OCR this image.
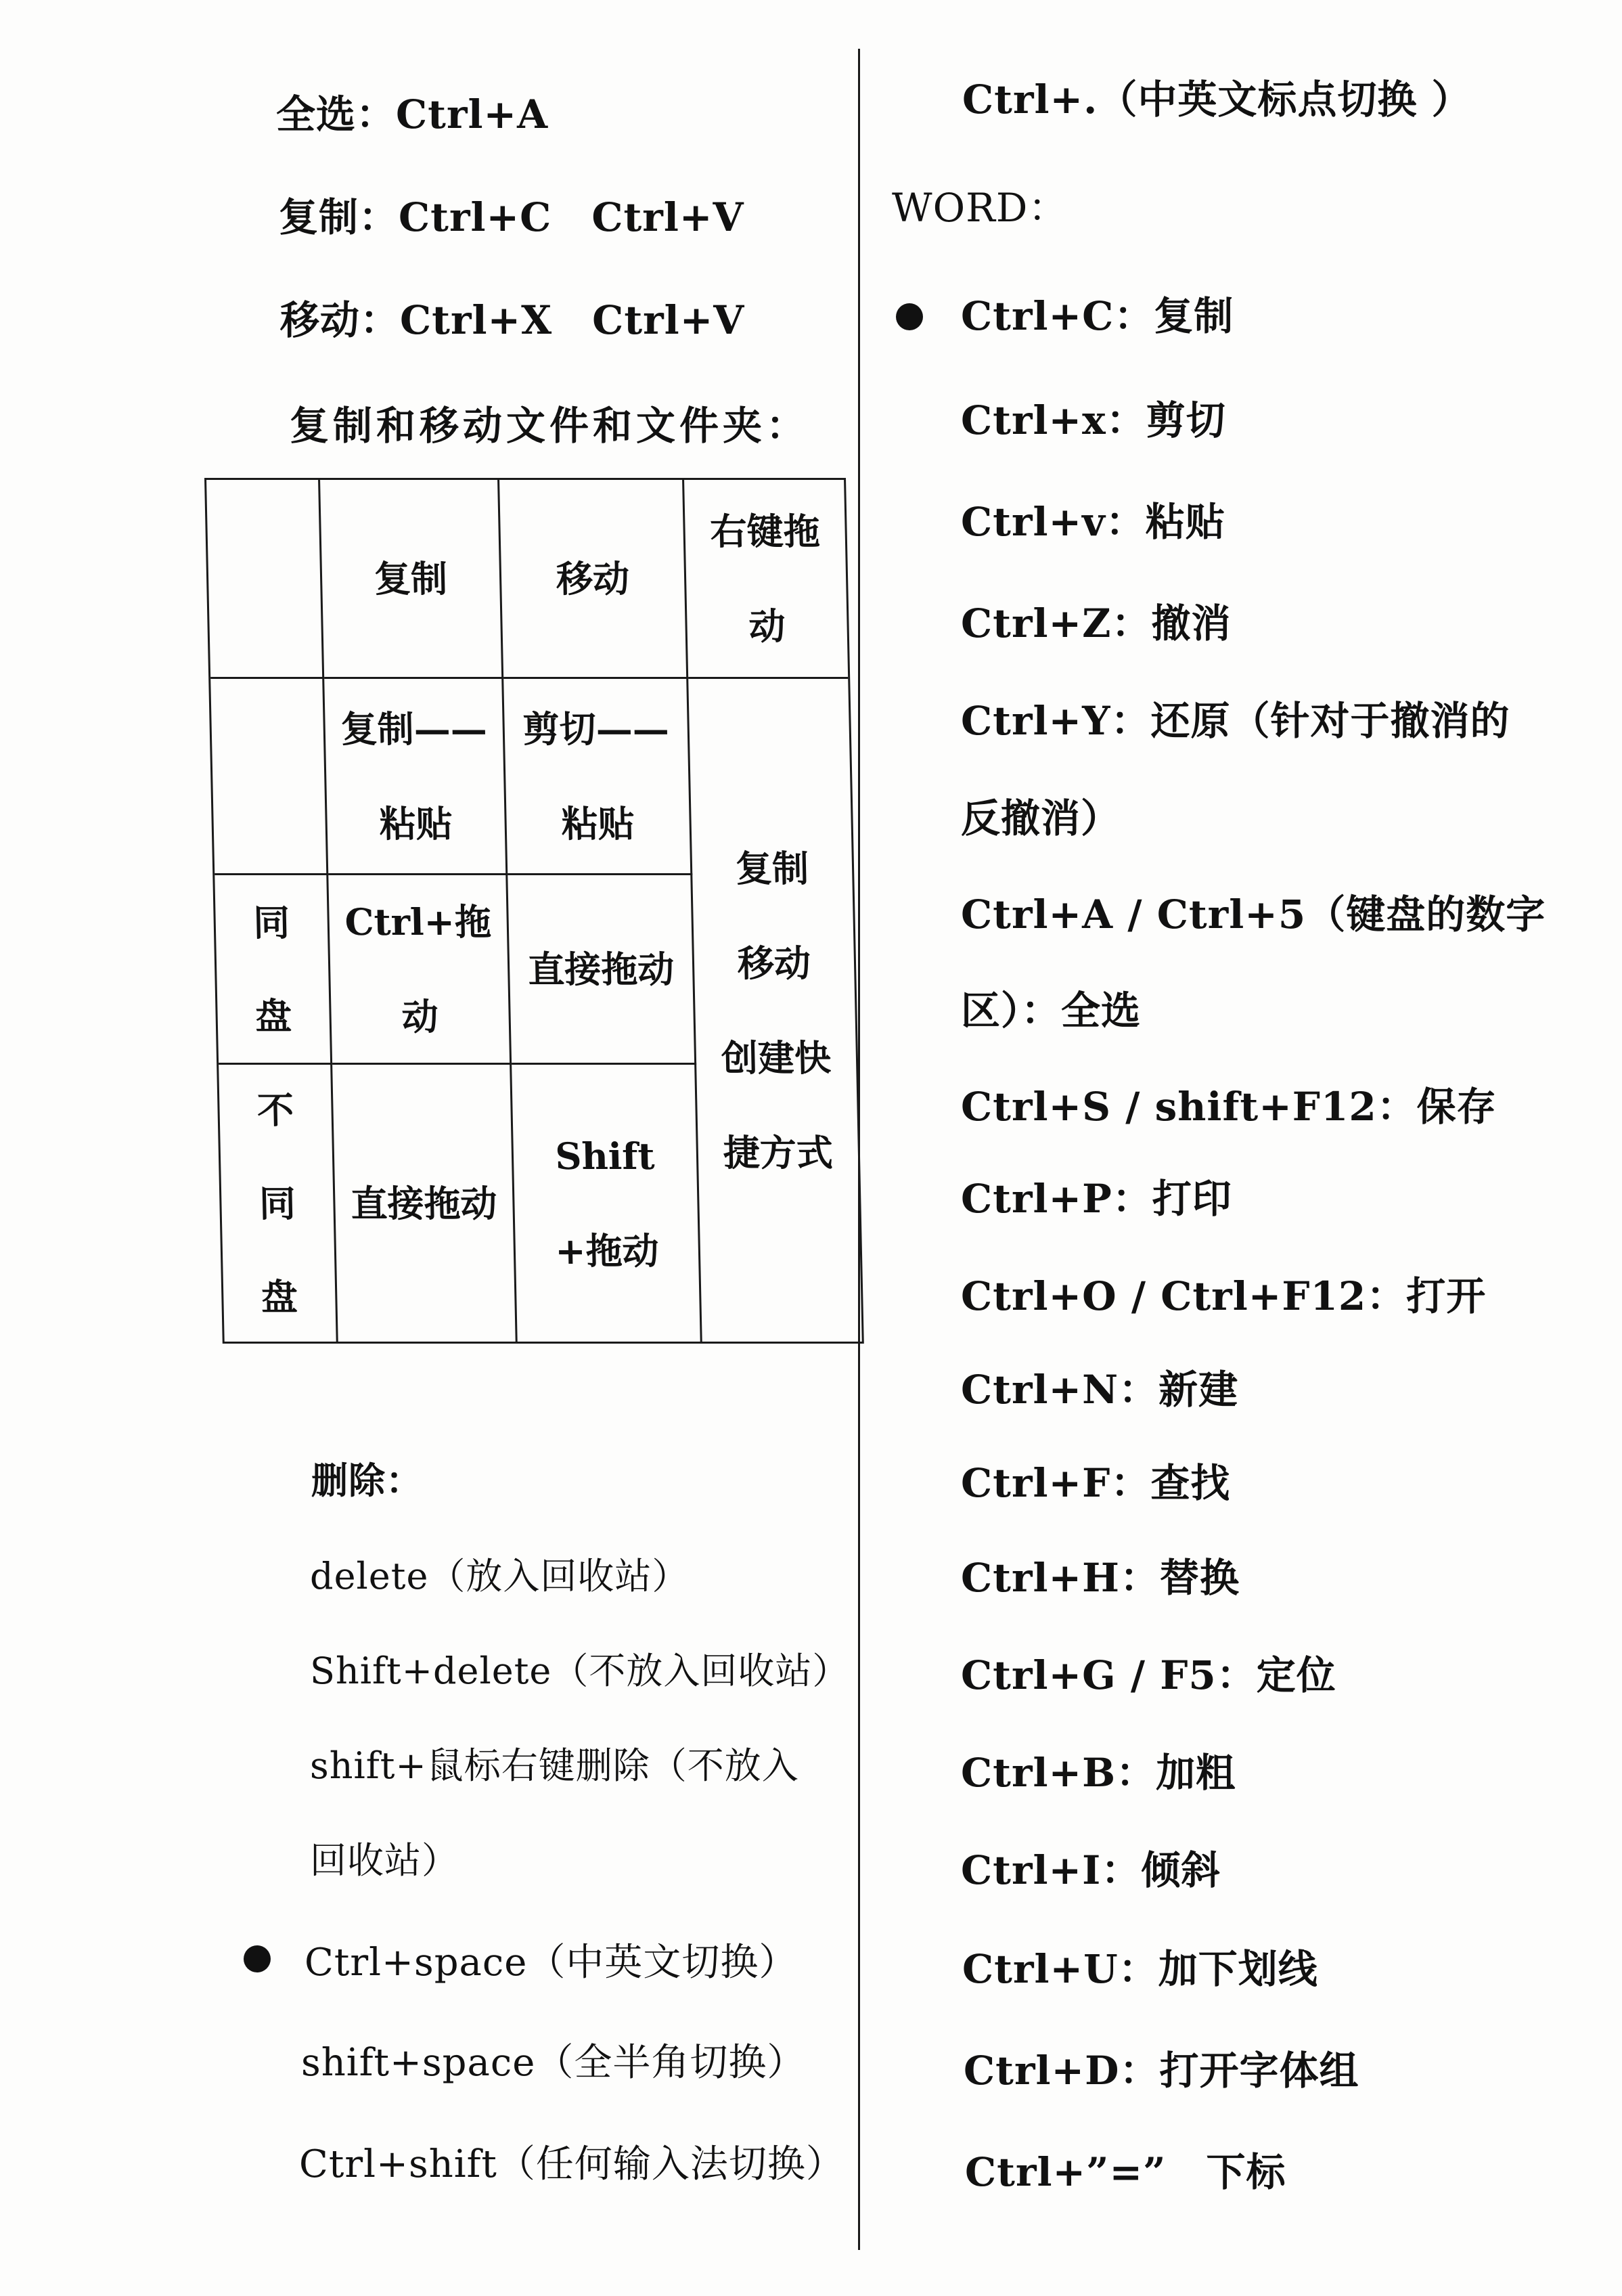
全选：Ctrl+A
复制：Ctrl+C　Ctrl+V
移动：Ctrl+X　Ctrl+V
复制和移动文件和文件夹：
复制	移动
右键拖动
复制——粘贴
剪切——粘贴
复制
移动
创建快
捷方式
同盘
Ctrl+拖动
直接拖动
不同盘
直接拖动
Shift+拖动
删除：
delete（放入回收站）
Shift+delete（不放入回收站）
shift+鼠标右键删除（不放入
回收站）
Ctrl+space（中英文切换）
shift+space（全半角切换）
Ctrl+shift（任何输入法切换）
Ctrl+.（中英文标点切换 ）
WORD：
Ctrl+C：复制
Ctrl+x：剪切
Ctrl+v：粘贴
Ctrl+Z：撤消
Ctrl+Y：还原（针对于撤消的
反撤消）
Ctrl+A / Ctrl+5（键盘的数字
区）：全选
Ctrl+S / shift+F12：保存
Ctrl+P：打印
Ctrl+O / Ctrl+F12：打开
Ctrl+N：新建
Ctrl+F：查找
Ctrl+H：替换
Ctrl+G / F5：定位
Ctrl+B：加粗
Ctrl+I：倾斜
Ctrl+U：加下划线
Ctrl+D：打开字体组
Ctrl+”=”　下标
